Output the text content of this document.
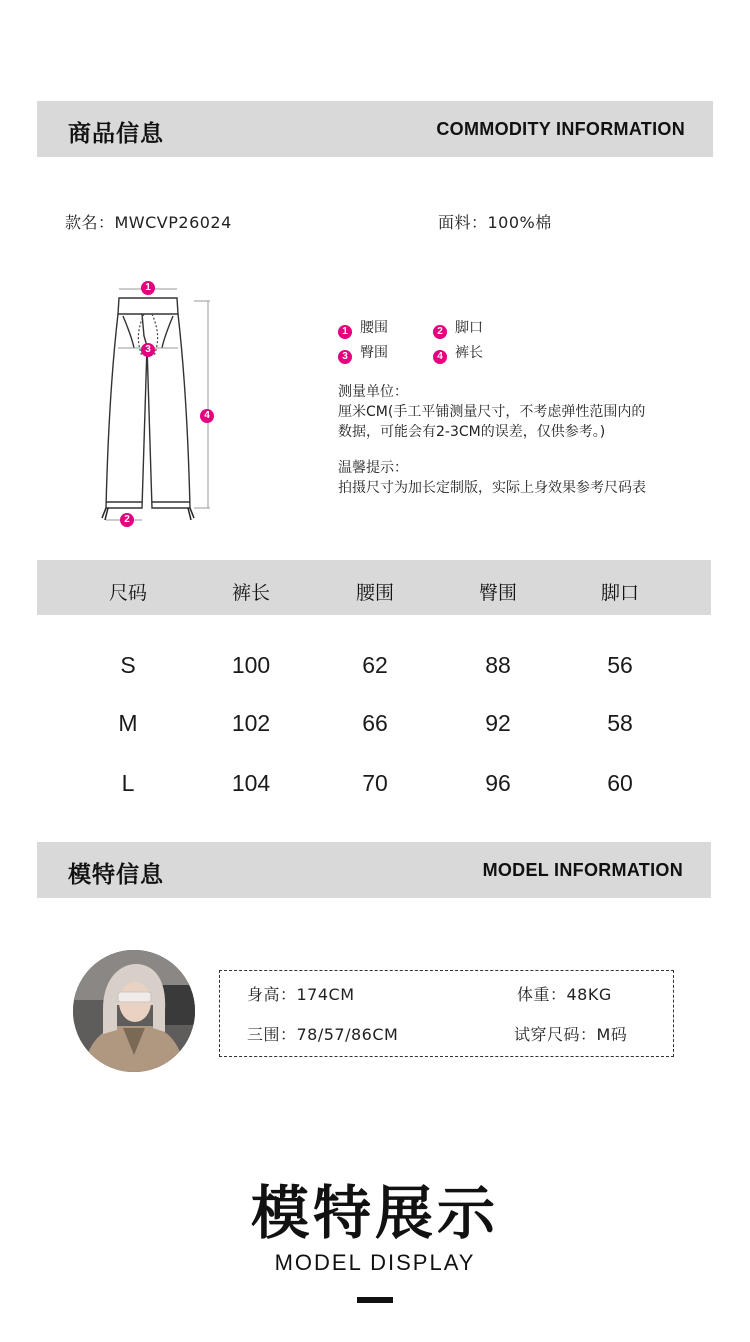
商品信息	COMMODITY INFORMATION
款名：MWCVP26024	面料：100%棉
1
3
4
2
1 腰围	2 脚口
3 臀围	4 裤长
测量单位：
厘米CM(手工平铺测量尺寸，不考虑弹性范围内的
数据，可能会有2-3CM的误差，仅供参考。)
温馨提示：
拍摄尺寸为加长定制版，实际上身效果参考尺码表
尺码	裤长	腰围	臀围	脚口
S	100	62	88	56
M	102	66	92	58
L	104	70	96	60
模特信息	MODEL INFORMATION
身高：174CM	体重：48KG
三围：78/57/86CM	试穿尺码：M码
模特展示
MODEL DISPLAY
